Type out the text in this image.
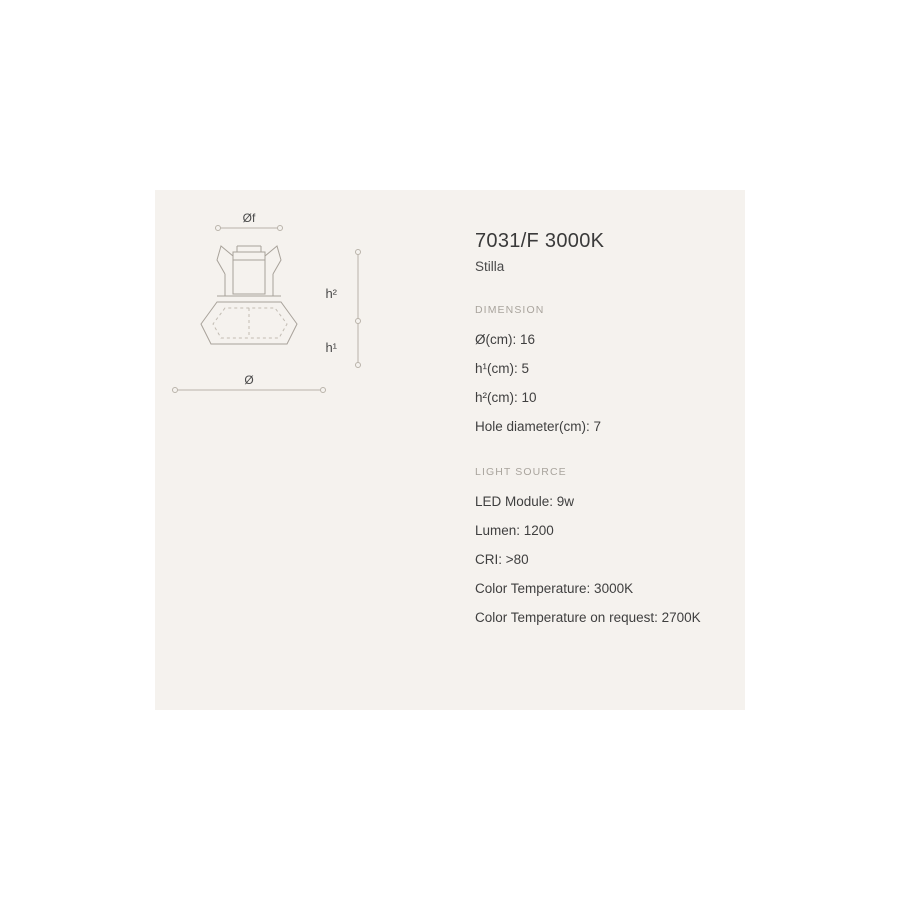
Øf
Ø
h²
h¹
7031/F 3000K
Stilla
DIMENSION

Ø(cm): 16

h¹(cm): 5

h²(cm): 10

Hole diameter(cm): 7

LIGHT SOURCE

LED Module: 9w

Lumen: 1200

CRI: >80

Color Temperature: 3000K

Color Temperature on request: 2700K
